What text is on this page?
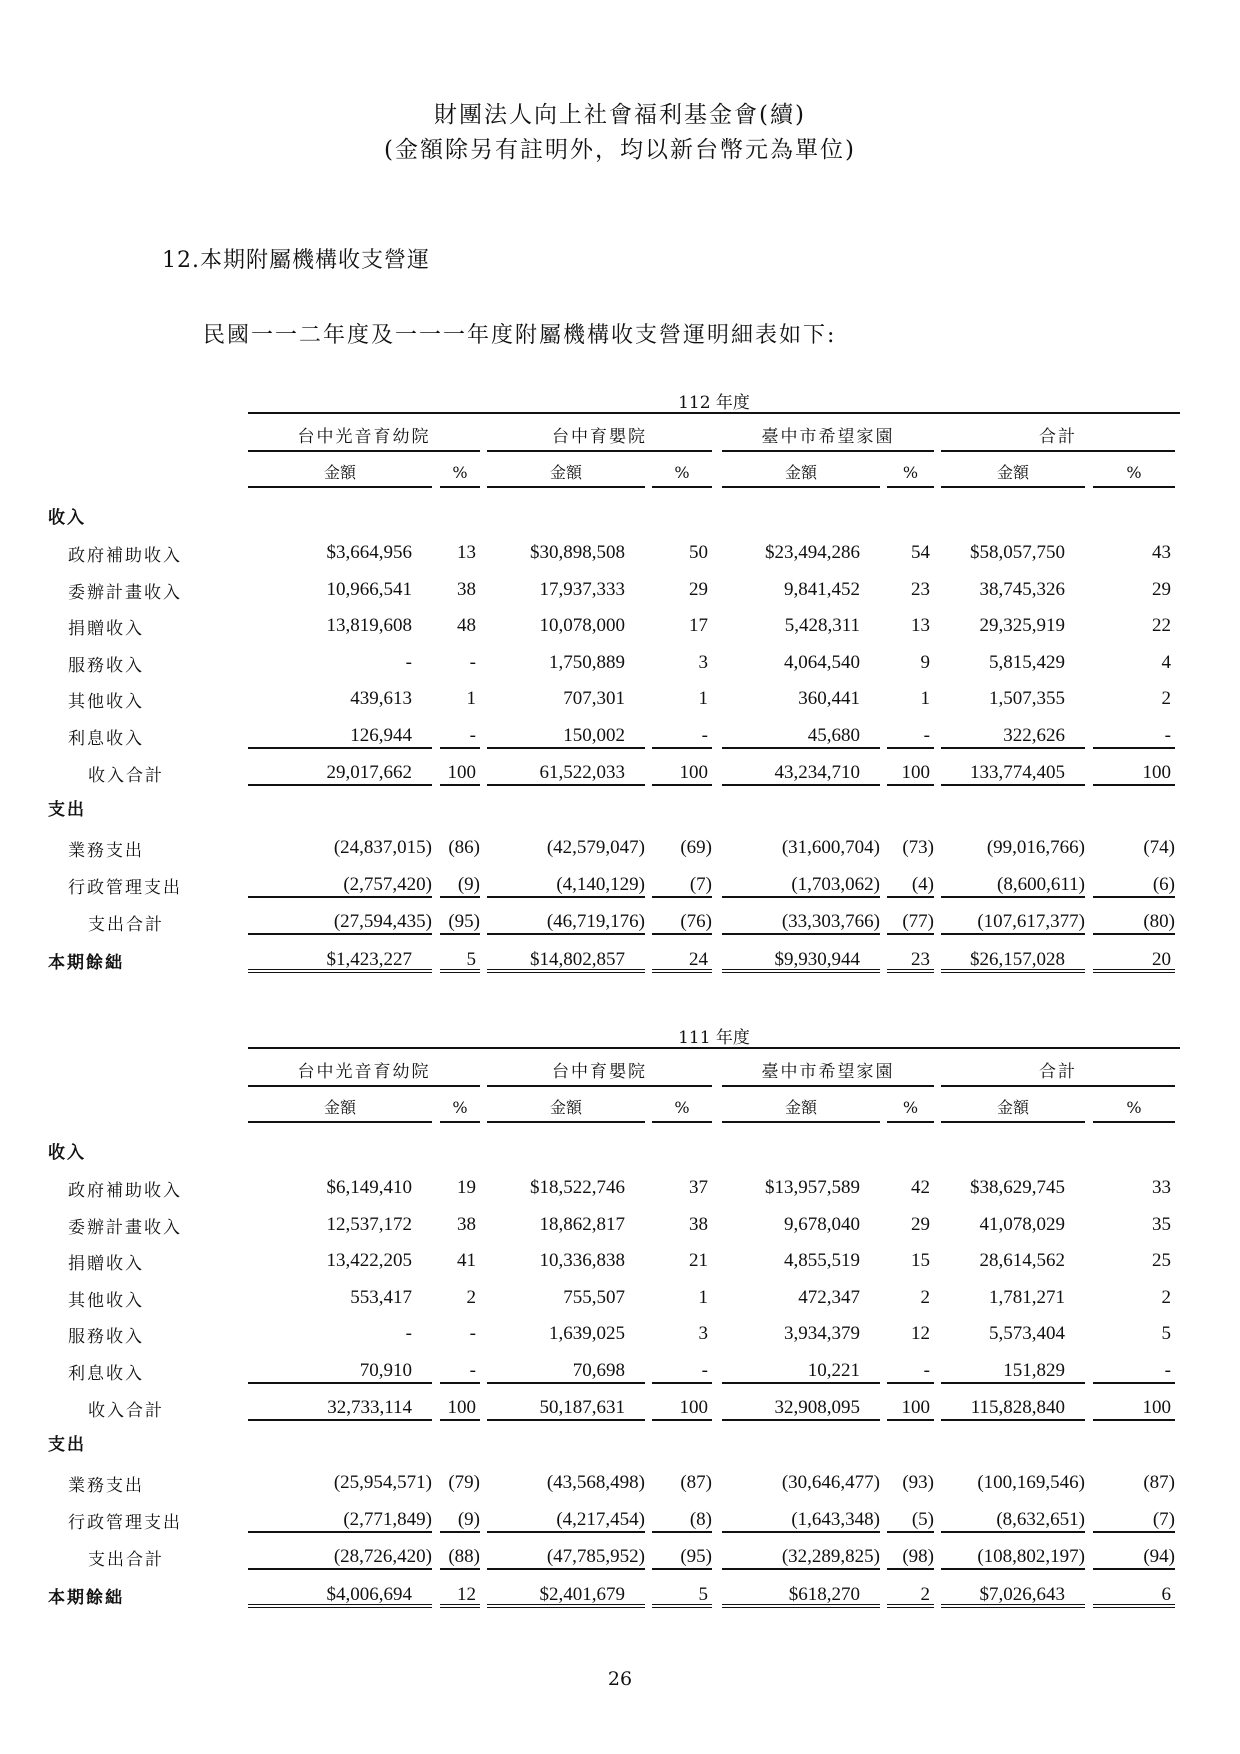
財團法人向上社會福利基金會(續)
(金額除另有註明外，均以新台幣元為單位)
12.本期附屬機構收支營運
民國一一二年度及一一一年度附屬機構收支營運明細表如下:
112 年度
台中光音育幼院
金額	%
台中育嬰院
金額	%
臺中市希望家園
金額	%
合計
金額	%
收入
支出
政府補助收入	$3,664,956	13	$30,898,508	50	$23,494,286	54	$58,057,750	43
委辦計畫收入	10,966,541	38	17,937,333	29	9,841,452	23	38,745,326	29
捐贈收入	13,819,608	48	10,078,000	17	5,428,311	13	29,325,919	22
服務收入	-	-	1,750,889	3	4,064,540	9	5,815,429	4
其他收入	439,613	1	707,301	1	360,441	1	1,507,355	2
利息收入	126,944	-	150,002	-	45,680	-	322,626	-
收入合計	29,017,662	100	61,522,033	100	43,234,710	100	133,774,405	100
業務支出	(24,837,015) (86)	(42,579,047)	(69)	(31,600,704)	(73)	(99,016,766)	(74)
行政管理支出	(2,757,420)	(9)	(4,140,129)	(7)	(1,703,062)	(4)	(8,600,611)	(6)
支出合計	(27,594,435) (95)	(46,719,176)	(76)	(33,303,766)	(77)	(107,617,377)	(80)
本期餘絀	$1,423,227	5	$14,802,857	24	$9,930,944	23	$26,157,028	20
111 年度
台中光音育幼院
金額	%
台中育嬰院
金額	%
臺中市希望家園
金額	%
合計
金額	%
收入
支出
政府補助收入	$6,149,410	19	$18,522,746	37	$13,957,589	42	$38,629,745	33
委辦計畫收入	12,537,172	38	18,862,817	38	9,678,040	29	41,078,029	35
捐贈收入	13,422,205	41	10,336,838	21	4,855,519	15	28,614,562	25
其他收入	553,417	2	755,507	1	472,347	2	1,781,271	2
服務收入	-	-	1,639,025	3	3,934,379	12	5,573,404	5
利息收入	70,910	-	70,698	-	10,221	-	151,829	-
收入合計	32,733,114	100	50,187,631	100	32,908,095	100	115,828,840	100
業務支出	(25,954,571) (79)	(43,568,498)	(87)	(30,646,477)	(93)	(100,169,546)	(87)
行政管理支出	(2,771,849)	(9)	(4,217,454)	(8)	(1,643,348)	(5)	(8,632,651)	(7)
支出合計	(28,726,420) (88)	(47,785,952)	(95)	(32,289,825)	(98)	(108,802,197)	(94)
本期餘絀	$4,006,694	12	$2,401,679	5	$618,270	2	$7,026,643	6
26
